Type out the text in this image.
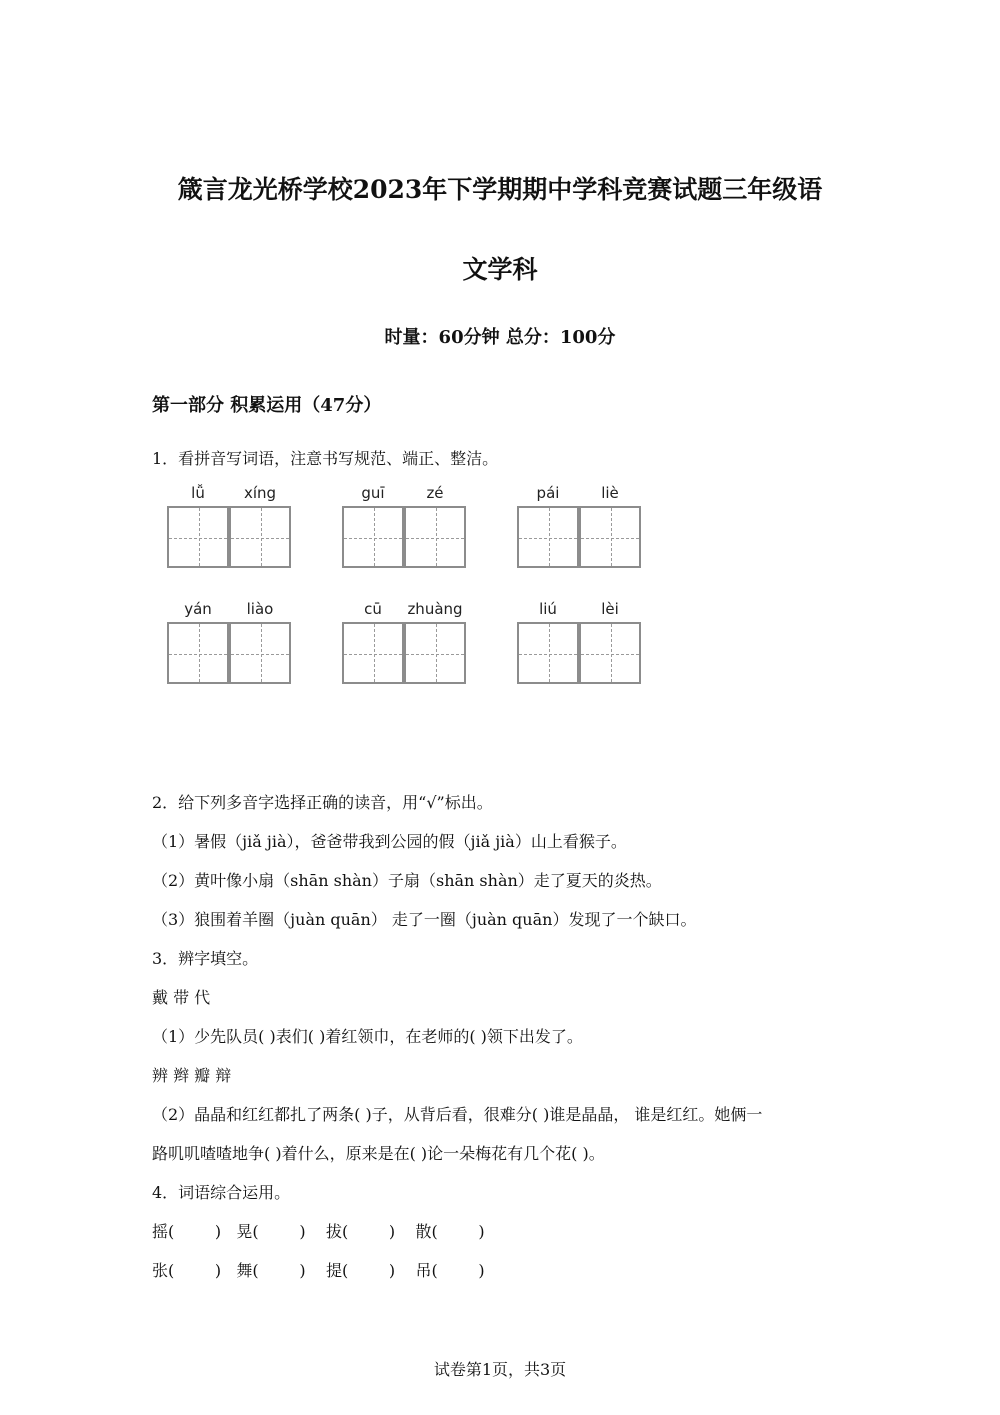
箴言龙光桥学校2023年下学期期中学科竞赛试题三年级语
文学科
时量：60分钟 总分：100分
第一部分 积累运用（47分）
1．看拼音写词语，注意书写规范、端正、整洁。
lǚ	xíng	guī	zé	pái	liè
yán	liào	cū	zhuàng	liú	lèi
2．给下列多音字选择正确的读音，用“√”标出。
（1）暑假（jiǎ jià），爸爸带我到公园的假（jiǎ jià）山上看猴子。
（2）黄叶像小扇（shān shàn）子扇（shān shàn）走了夏天的炎热。
（3）狼围着羊圈（juàn quān） 走了一圈（juàn quān）发现了一个缺口。
3．辨字填空。
戴 带 代
（1）少先队员( )表们( )着红领巾，在老师的( )领下出发了。
辨 辫 瓣 辩
（2）晶晶和红红都扎了两条( )子，从背后看，很难分( )谁是晶晶， 谁是红红。她俩一
路叽叽喳喳地争( )着什么，原来是在( )论一朵梅花有几个花( )。
4．词语综合运用。
摇(        )   晃(        )    拔(        )    散(        )
张(        )   舞(        )    提(        )    吊(        )
试卷第1页，共3页
